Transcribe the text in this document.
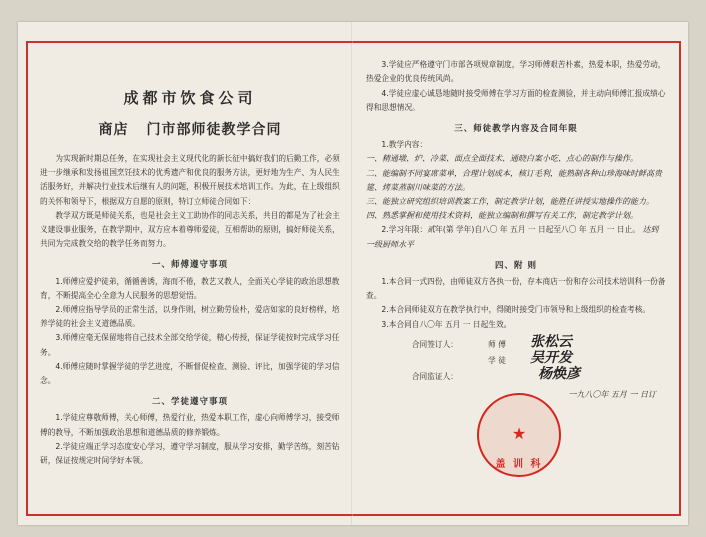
成都市饮食公司
商店 门市部师徒教学合同

为实现新时期总任务，在实现社会主义现代化的新长征中搞好我们的后勤工作，必须进一步继承和发扬祖国烹饪技术的优秀遗产和优良的服务方法，更好地为生产、为人民生活服务好，并解决行业技术后继有人的问题，积极开展技术培训工作。为此，在上级组织的关怀和领导下，根据双方自愿的原则，特订立师徒合同如下：

教学双方既是师徒关系，也是社会主义工助协作的同志关系，共目的都是为了社会主义建设事业服务，在教学期中，双方应本着尊师爱徒，互相帮助的原则，搞好师徒关系，共同为完成教交给的教学任务而努力。

一、师傅遵守事项

1.师傅应爱护徒弟，循循善诱，海而不倦，教艺又教人，全面关心学徒的政治思想教育，不断提高全心全意为人民服务的思想觉悟。

2.师傅应指导学员的正常生活，以身作则，树立勤劳俭朴，爱店如家的良好榜样，培养学徒的社会主义道德品质。

3.师傅应毫无保留地将自己技术全部交给学徒，精心传授，保证学徒按时完成学习任务。

4.师傅应随时掌握学徒的学艺进度，不断督促检查、测验、评比，加强学徒的学习信念。

二、学徒遵守事项

1.学徒应尊敬师傅，关心师傅，热爱行业，热爱本职工作，虚心向师傅学习，接受师傅的教导，不断加强政治思想和道德品质的修养锻炼。

2.学徒应端正学习态度安心学习，遵守学习制度，服从学习安排，勤学苦练，刻苦钻研，保证按规定时间学好本领。

3.学徒应严格遵守门市部各项规章制度，学习师傅艰苦朴素，热爱本职，热爱劳动，热爱企业的优良传统风尚。

4.学徒应虚心诚恳地随时接受师傅在学习方面的检查测验，并主动向师傅汇报成绩心得和思想情况。

三、师徒教学内容及合同年限

1.教学内容：

一、精通墩、炉、冷菜、面点全面技术、通晓白案小吃、点心的制作与操作。

二、能编制不同宴席菜单，合理计划成本，核订毛利，能熟制各种山珍海味时鲜高贵筵、烤菜蒸制川味菜的方法。

三、能独立研究组织培训教案工作，制定教学计划，能胜任讲授实地操作的能力。

四、熟悉掌握和使用技术资料，能独立编制和撰写有关工作，制定教学计划。

2.学习年限：贰年(第 学年)自八〇 年 五月 一 日起至八〇 年 五月 一 日止。 达到一级厨师水平

四、附 则

1.本合同一式四份，由师徒双方各执一份，存本商店一份和存公司技术培训科一份备查。

2.本合同师徒双方在教学执行中，得随时接受门市领导和上级组织的检查考核。

3.本合同自八〇年 五月 一 日起生效。

合同签订人：	师 傅 张松云
学 徒 吴开发
合同监证人：	杨焕彦
一九八〇年 五月 一 日订
★
盖 训 科
